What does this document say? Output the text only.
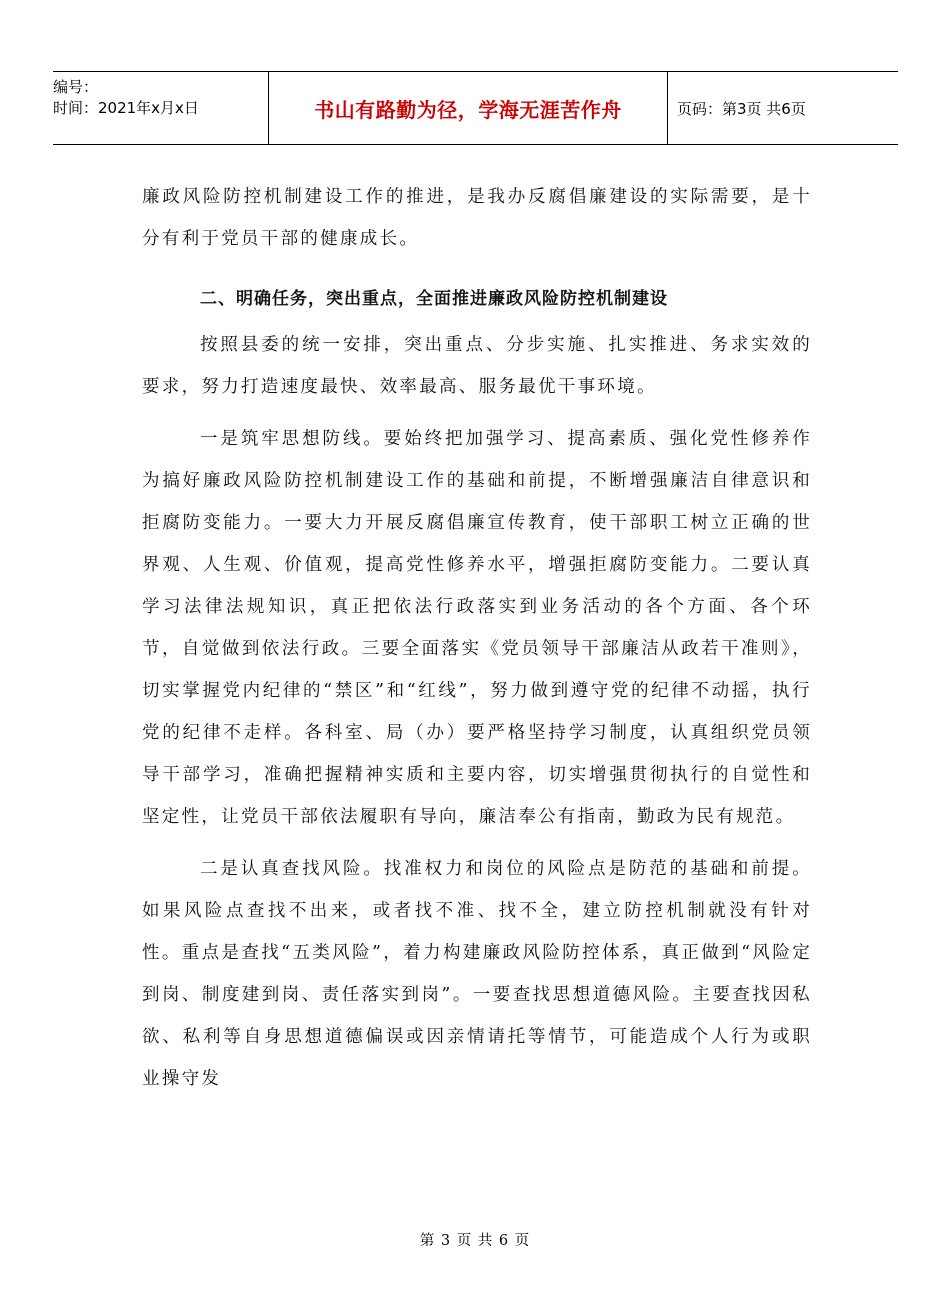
编号：
时间：2021年x月x日	书山有路勤为径，学海无涯苦作舟	页码：第3页 共6页

廉政风险防控机制建设工作的推进，是我办反腐倡廉建设的实际需要，是十分有利于党员干部的健康成长。

二、明确任务，突出重点，全面推进廉政风险防控机制建设

按照县委的统一安排，突出重点、分步实施、扎实推进、务求实效的要求，努力打造速度最快、效率最高、服务最优干事环境。

一是筑牢思想防线。要始终把加强学习、提高素质、强化党性修养作为搞好廉政风险防控机制建设工作的基础和前提，不断增强廉洁自律意识和拒腐防变能力。一要大力开展反腐倡廉宣传教育，使干部职工树立正确的世界观、人生观、价值观，提高党性修养水平，增强拒腐防变能力。二要认真学习法律法规知识，真正把依法行政落实到业务活动的各个方面、各个环节，自觉做到依法行政。三要全面落实《党员领导干部廉洁从政若干准则》，切实掌握党内纪律的“禁区”和“红线”，努力做到遵守党的纪律不动摇，执行党的纪律不走样。各科室、局（办）要严格坚持学习制度，认真组织党员领导干部学习，准确把握精神实质和主要内容，切实增强贯彻执行的自觉性和坚定性，让党员干部依法履职有导向，廉洁奉公有指南，勤政为民有规范。

二是认真查找风险。找准权力和岗位的风险点是防范的基础和前提。如果风险点查找不出来，或者找不准、找不全，建立防控机制就没有针对性。重点是查找“五类风险”，着力构建廉政风险防控体系，真正做到“风险定到岗、制度建到岗、责任落实到岗”。一要查找思想道德风险。主要查找因私欲、私利等自身思想道德偏误或因亲情请托等情节，可能造成个人行为或职业操守发

第 3 页 共 6 页
